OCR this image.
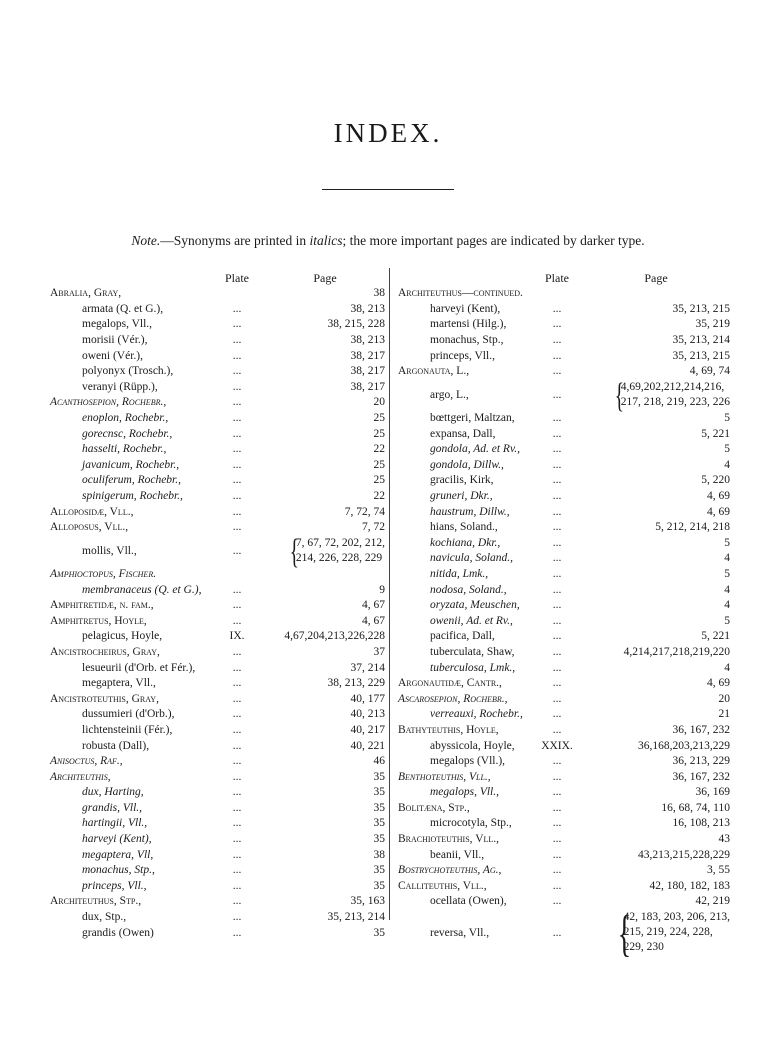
INDEX.
Note.—Synonyms are printed in italics; the more important pages are indicated by darker type.
Plate	Page
Abralia, Gray,	38
armata (Q. et G.),	...	38, 213
megalops, Vll.,	...	38, 215, 228
morisii (Vér.),	...	38, 213
oweni (Vér.),	...	38, 217
polyonyx (Trosch.),	...	38, 217
veranyi (Rüpp.),	...	38, 217
Acanthosepion, Rochebr.,	...	20
enoplon, Rochebr.,	...	25
gorecnsc, Rochebr.,	...	25
hasselti, Rochebr.,	...	22
javanicum, Rochebr.,	...	25
oculiferum, Rochebr.,	...	25
spinigerum, Rochebr.,	...	22
Alloposidæ, Vll.,	...	7, 72, 74
Alloposus, Vll.,	...	7, 72
mollis, Vll.,	...	{
7, 67, 72, 202, 212,
214, 226, 228, 229
Amphioctopus, Fischer.
membranaceus (Q. et G.),	...	9
Amphitretidæ, n. fam.,	...	4, 67
Amphitretus, Hoyle,	...	4, 67
pelagicus, Hoyle,	IX.	4,67,204,213,226,228
Ancistrocheirus, Gray,	...	37
lesueurii (d'Orb. et Fér.),	...	37, 214
megaptera, Vll.,	...	38, 213, 229
Ancistroteuthis, Gray,	...	40, 177
dussumieri (d'Orb.),	...	40, 213
lichtensteinii (Fér.),	...	40, 217
robusta (Dall),	...	40, 221
Anisoctus, Raf.,	...	46
Architeuthis,	...	35
dux, Harting,	...	35
grandis, Vll.,	...	35
hartingii, Vll.,	...	35
harveyi (Kent),	...	35
megaptera, Vll,	...	38
monachus, Stp.,	...	35
princeps, Vll.,	...	35
Architeuthus, Stp.,	...	35, 163
dux, Stp.,	...	35, 213, 214
grandis (Owen)	...	35
Plate	Page
Architeuthus—continued.
harveyi (Kent),	...	35, 213, 215
martensi (Hilg.),	...	35, 219
monachus, Stp.,	...	35, 213, 214
princeps, Vll.,	...	35, 213, 215
Argonauta, L.,	...	4, 69, 74
argo, L.,	...	{
4,69,202,212,214,216,
217, 218, 219, 223, 226
bœttgeri, Maltzan,	...	5
expansa, Dall,	...	5, 221
gondola, Ad. et Rv.,	...	5
gondola, Dillw.,	...	4
gracilis, Kirk,	...	5, 220
gruneri, Dkr.,	...	4, 69
haustrum, Dillw.,	...	4, 69
hians, Soland.,	...	5, 212, 214, 218
kochiana, Dkr.,	...	5
navicula, Soland.,	...	4
nitida, Lmk.,	...	5
nodosa, Soland.,	...	4
oryzata, Meuschen,	...	4
owenii, Ad. et Rv.,	...	5
pacifica, Dall,	...	5, 221
tuberculata, Shaw,	...	4,214,217,218,219,220
tuberculosa, Lmk.,	...	4
Argonautidæ, Cantr.,	...	4, 69
Ascarosepion, Rochebr.,	...	20
verreauxi, Rochebr.,	...	21
Bathyteuthis, Hoyle,	...	36, 167, 232
abyssicola, Hoyle,	XXIX.	36,168,203,213,229
megalops (Vll.),	...	36, 213, 229
Benthoteuthis, Vll.,	...	36, 167, 232
megalops, Vll.,	...	36, 169
Bolitæna, Stp.,	...	16, 68, 74, 110
microcotyla, Stp.,	...	16, 108, 213
Brachioteuthis, Vll.,	...	43
beanii, Vll.,	...	43,213,215,228,229
Bostrychoteuthis, Ag.,	...	3, 55
Calliteuthis, Vll.,	...	42, 180, 182, 183
ocellata (Owen),	...	42, 219
reversa, Vll.,	...	{
42, 183, 203, 206, 213,
215, 219, 224, 228,
229, 230
